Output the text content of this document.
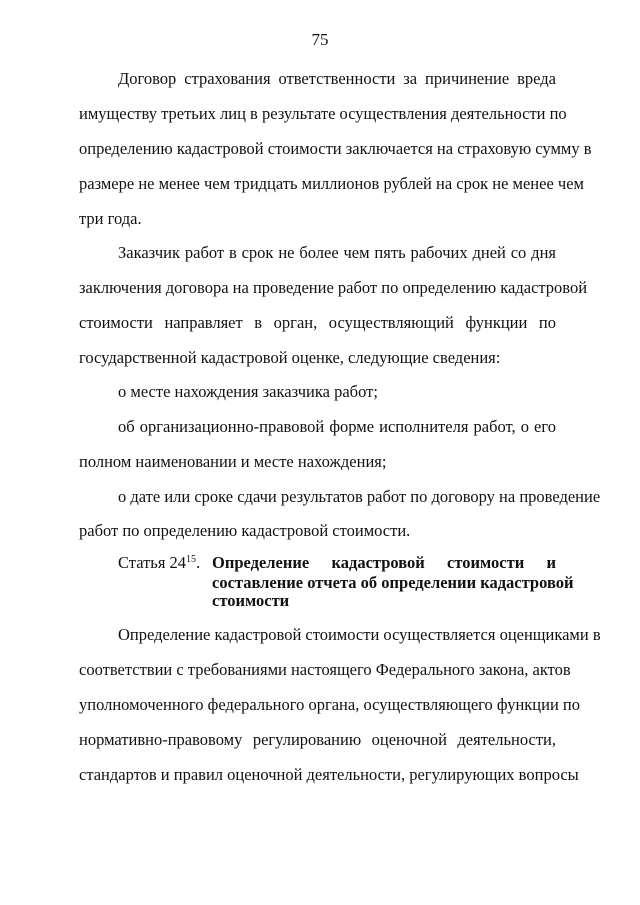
75
Договор страхования ответственности за причинение вреда
имуществу третьих лиц в результате осуществления деятельности по
определению кадастровой стоимости заключается на страховую сумму в
размере не менее чем тридцать миллионов рублей на срок не менее чем
три года.
Заказчик работ в срок не более чем пять рабочих дней со дня
заключения договора на проведение работ по определению кадастровой
стоимости направляет в орган, осуществляющий функции по
государственной кадастровой оценке, следующие сведения:
о месте нахождения заказчика работ;
об организационно-правовой форме исполнителя работ, о его
полном наименовании и месте нахождения;
о дате или сроке сдачи результатов работ по договору на проведение
работ по определению кадастровой стоимости.
Статья $24^{15}$. Определение кадастровой стоимости и
составление отчета об определении кадастровой
стоимости
Определение кадастровой стоимости осуществляется оценщиками в
соответствии с требованиями настоящего Федерального закона, актов
уполномоченного федерального органа, осуществляющего функции по
нормативно-правовому регулированию оценочной деятельности,
стандартов и правил оценочной деятельности, регулирующих вопросы
